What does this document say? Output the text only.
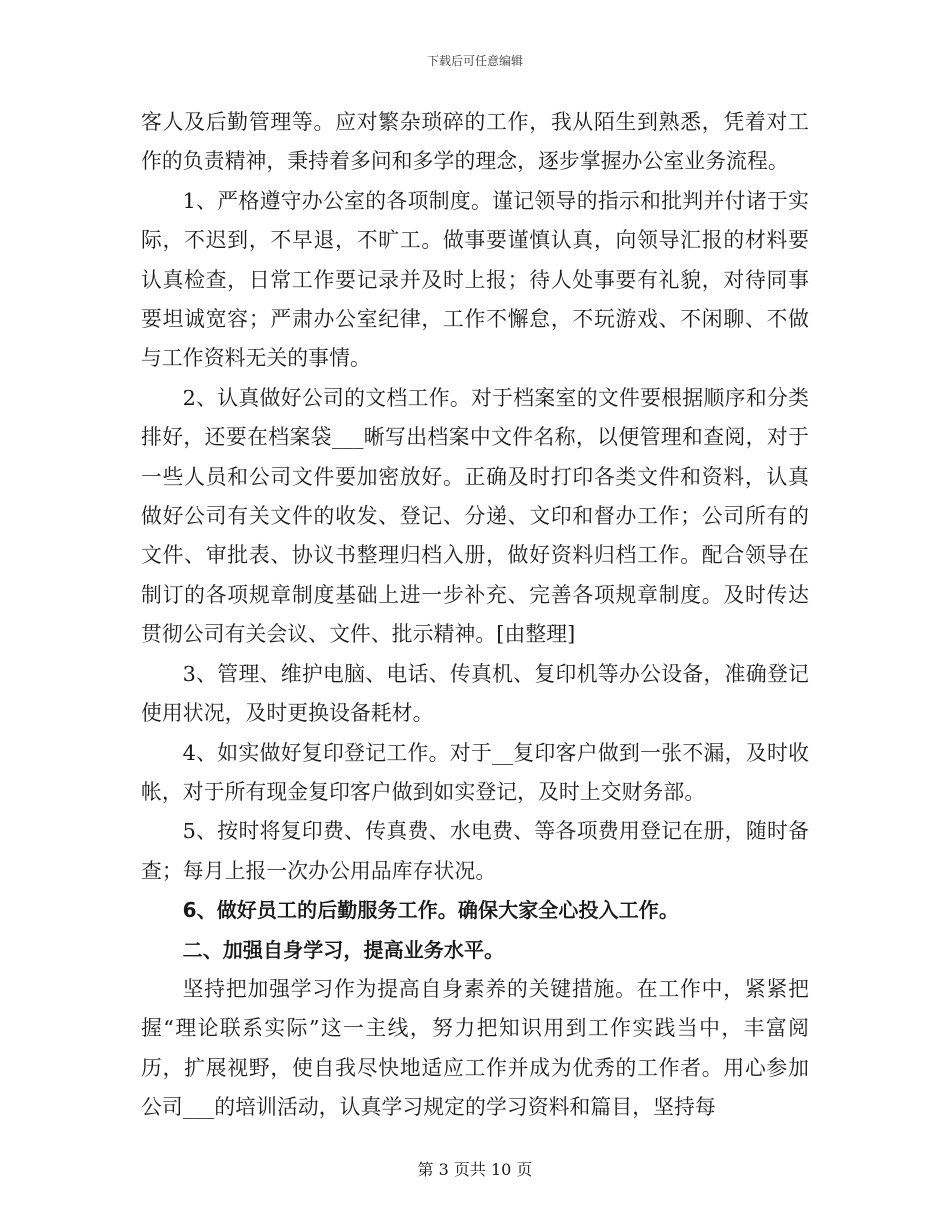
下载后可任意编辑

客人及后勤管理等。应对繁杂琐碎的工作，我从陌生到熟悉，凭着对工作的负责精神，秉持着多问和多学的理念，逐步掌握办公室业务流程。

1、严格遵守办公室的各项制度。谨记领导的指示和批判并付诸于实际，不迟到，不早退，不旷工。做事要谨慎认真，向领导汇报的材料要认真检查，日常工作要记录并及时上报；待人处事要有礼貌，对待同事要坦诚宽容；严肃办公室纪律，工作不懈怠，不玩游戏、不闲聊、不做与工作资料无关的事情。

2、认真做好公司的文档工作。对于档案室的文件要根据顺序和分类排好，还要在档案袋___晰写出档案中文件名称，以便管理和查阅，对于一些人员和公司文件要加密放好。正确及时打印各类文件和资料，认真做好公司有关文件的收发、登记、分递、文印和督办工作；公司所有的文件、审批表、协议书整理归档入册，做好资料归档工作。配合领导在制订的各项规章制度基础上进一步补充、完善各项规章制度。及时传达贯彻公司有关会议、文件、批示精神。[由整理]

3、管理、维护电脑、电话、传真机、复印机等办公设备，准确登记使用状况，及时更换设备耗材。

4、如实做好复印登记工作。对于__复印客户做到一张不漏，及时收帐，对于所有现金复印客户做到如实登记，及时上交财务部。

5、按时将复印费、传真费、水电费、等各项费用登记在册，随时备查；每月上报一次办公用品库存状况。

6、做好员工的后勤服务工作。确保大家全心投入工作。

二、加强自身学习，提高业务水平。

坚持把加强学习作为提高自身素养的关键措施。在工作中，紧紧把握“理论联系实际”这一主线，努力把知识用到工作实践当中，丰富阅历，扩展视野，使自我尽快地适应工作并成为优秀的工作者。用心参加公司___的培训活动，认真学习规定的学习资料和篇目，坚持每

第 3 页共 10 页
